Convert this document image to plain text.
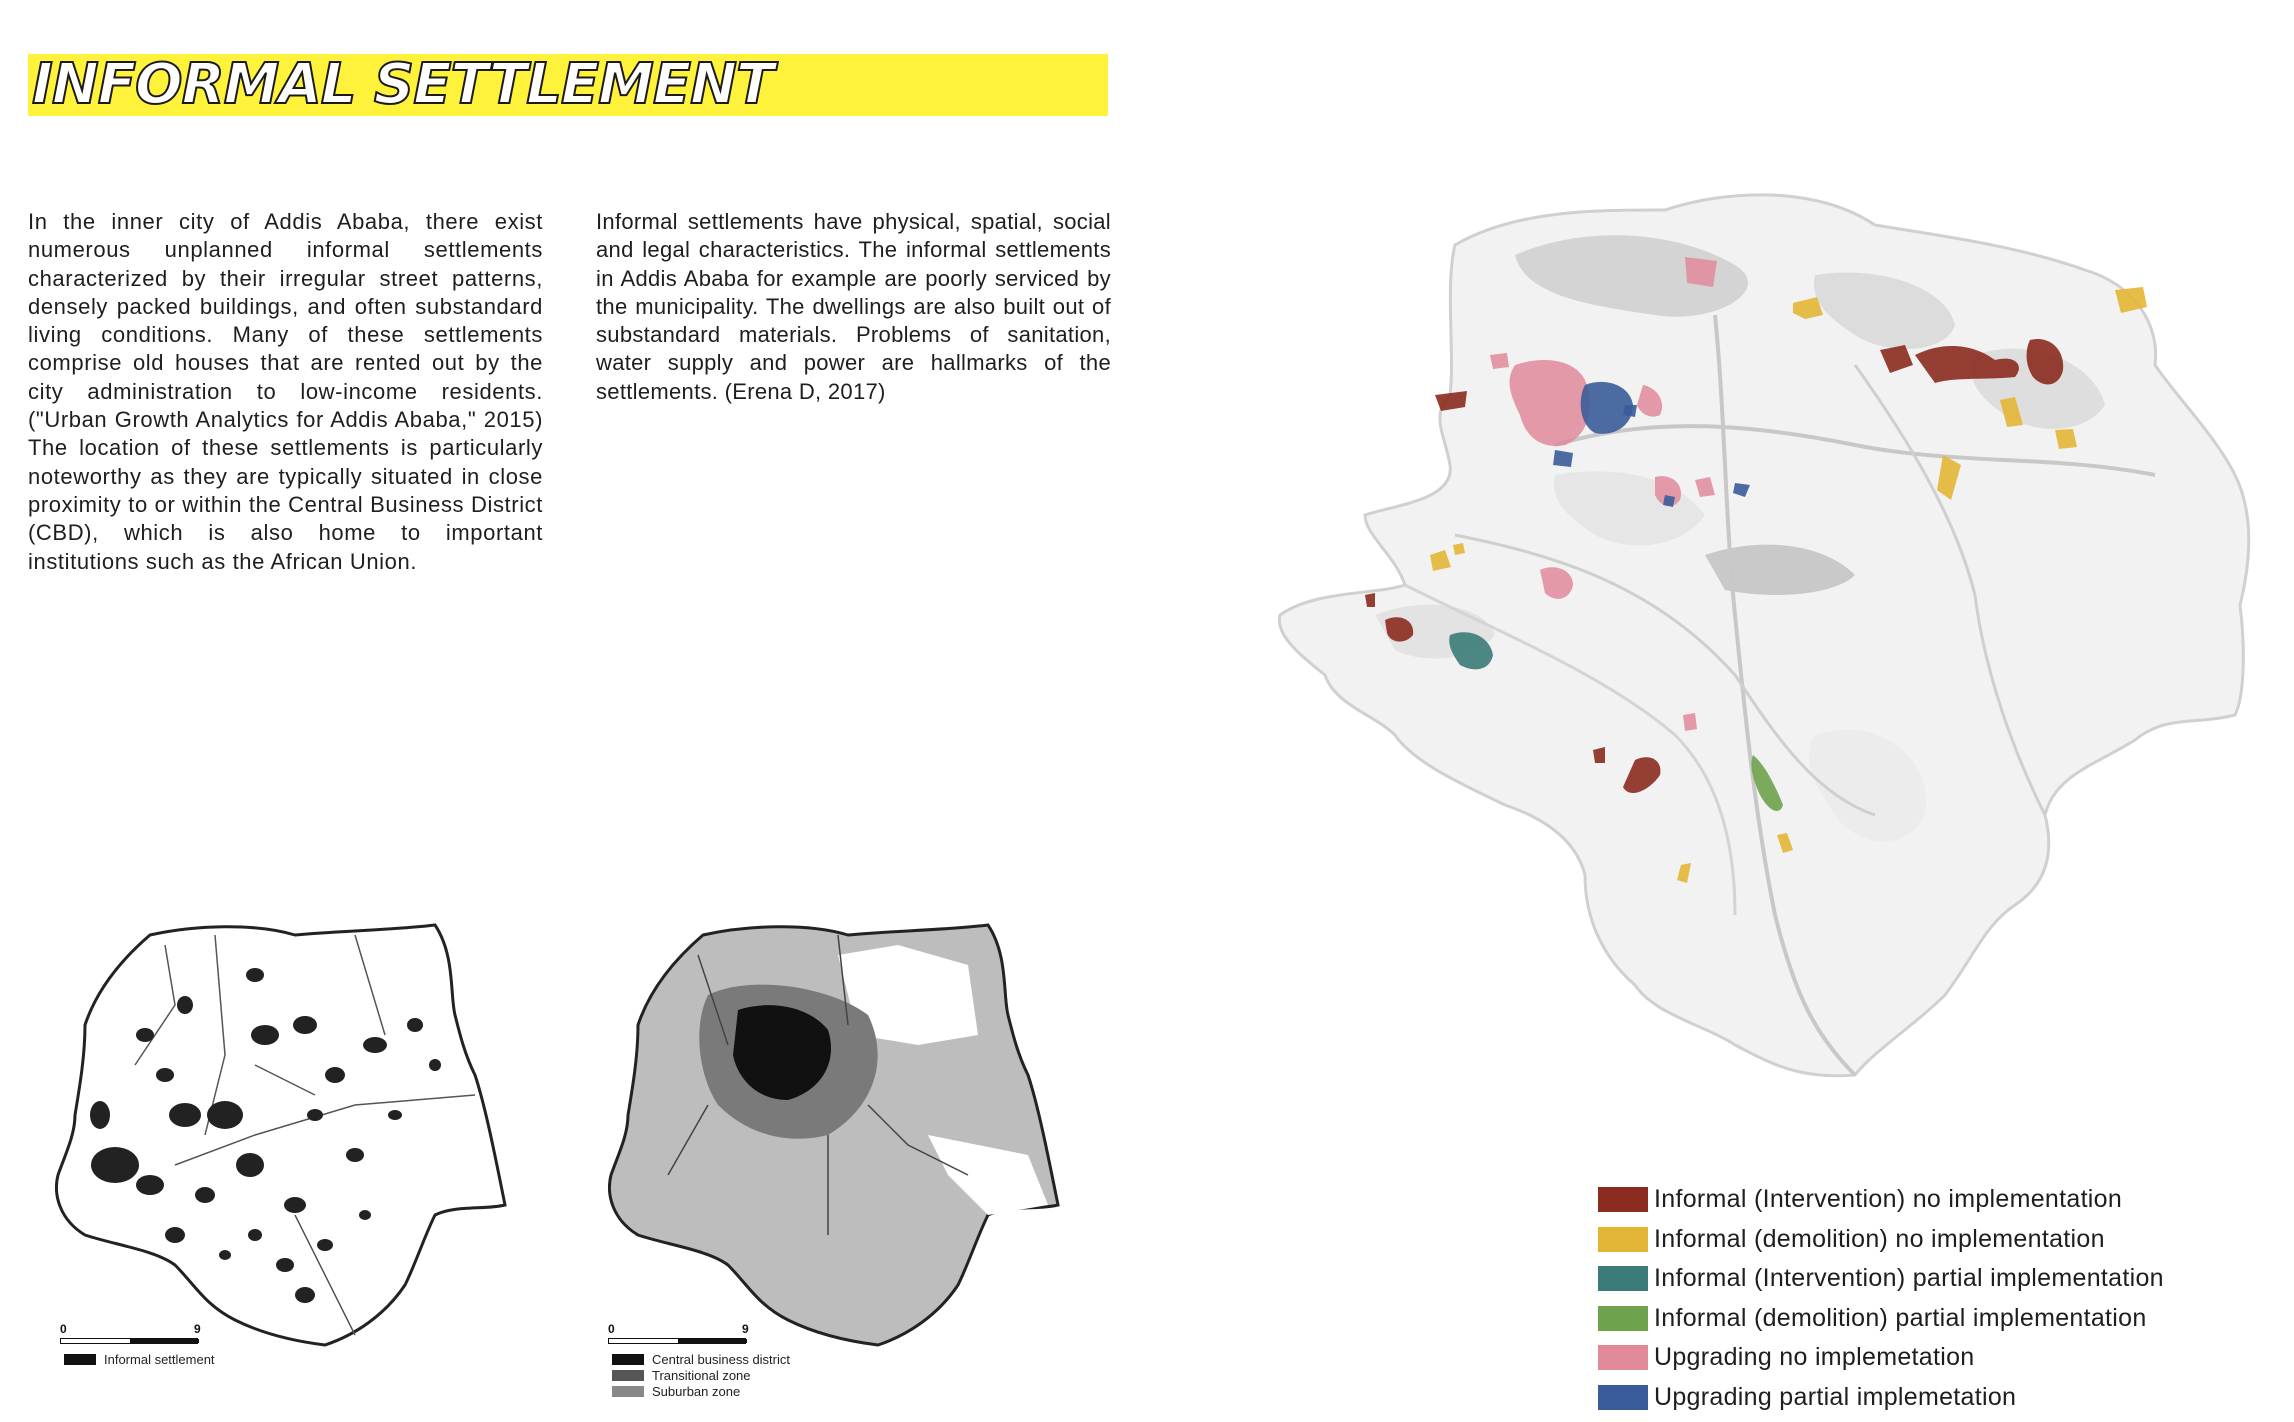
INFORMAL SETTLEMENT

In the inner city of Addis Ababa, there exist numerous unplanned informal settlements characterized by their irregular street patterns, densely packed buildings, and often substandard living conditions. Many of these settlements comprise old houses that are rented out by the city administration to low-income residents. ("Urban Growth Analytics for Addis Ababa," 2015) The location of these settlements is particularly noteworthy as they are typically situated in close proximity to or within the Central Business District (CBD), which is also home to important institutions such as the African Union.

Informal settlements have physical, spatial, social and legal characteristics. The informal settlements in Addis Ababa for example are poorly serviced by the municipality. The dwellings are also built out of substandard materials. Problems of sanitation, water supply and power are hallmarks of the settlements. (Erena D, 2017)

0	9
Informal settlement
0	9
Central business district
Transitional zone
Suburban zone
Informal (Intervention) no implementation
Informal (demolition) no implementation
Informal (Intervention) partial implementation
Informal (demolition) partial implementation
Upgrading no implemetation
Upgrading partial implemetation
